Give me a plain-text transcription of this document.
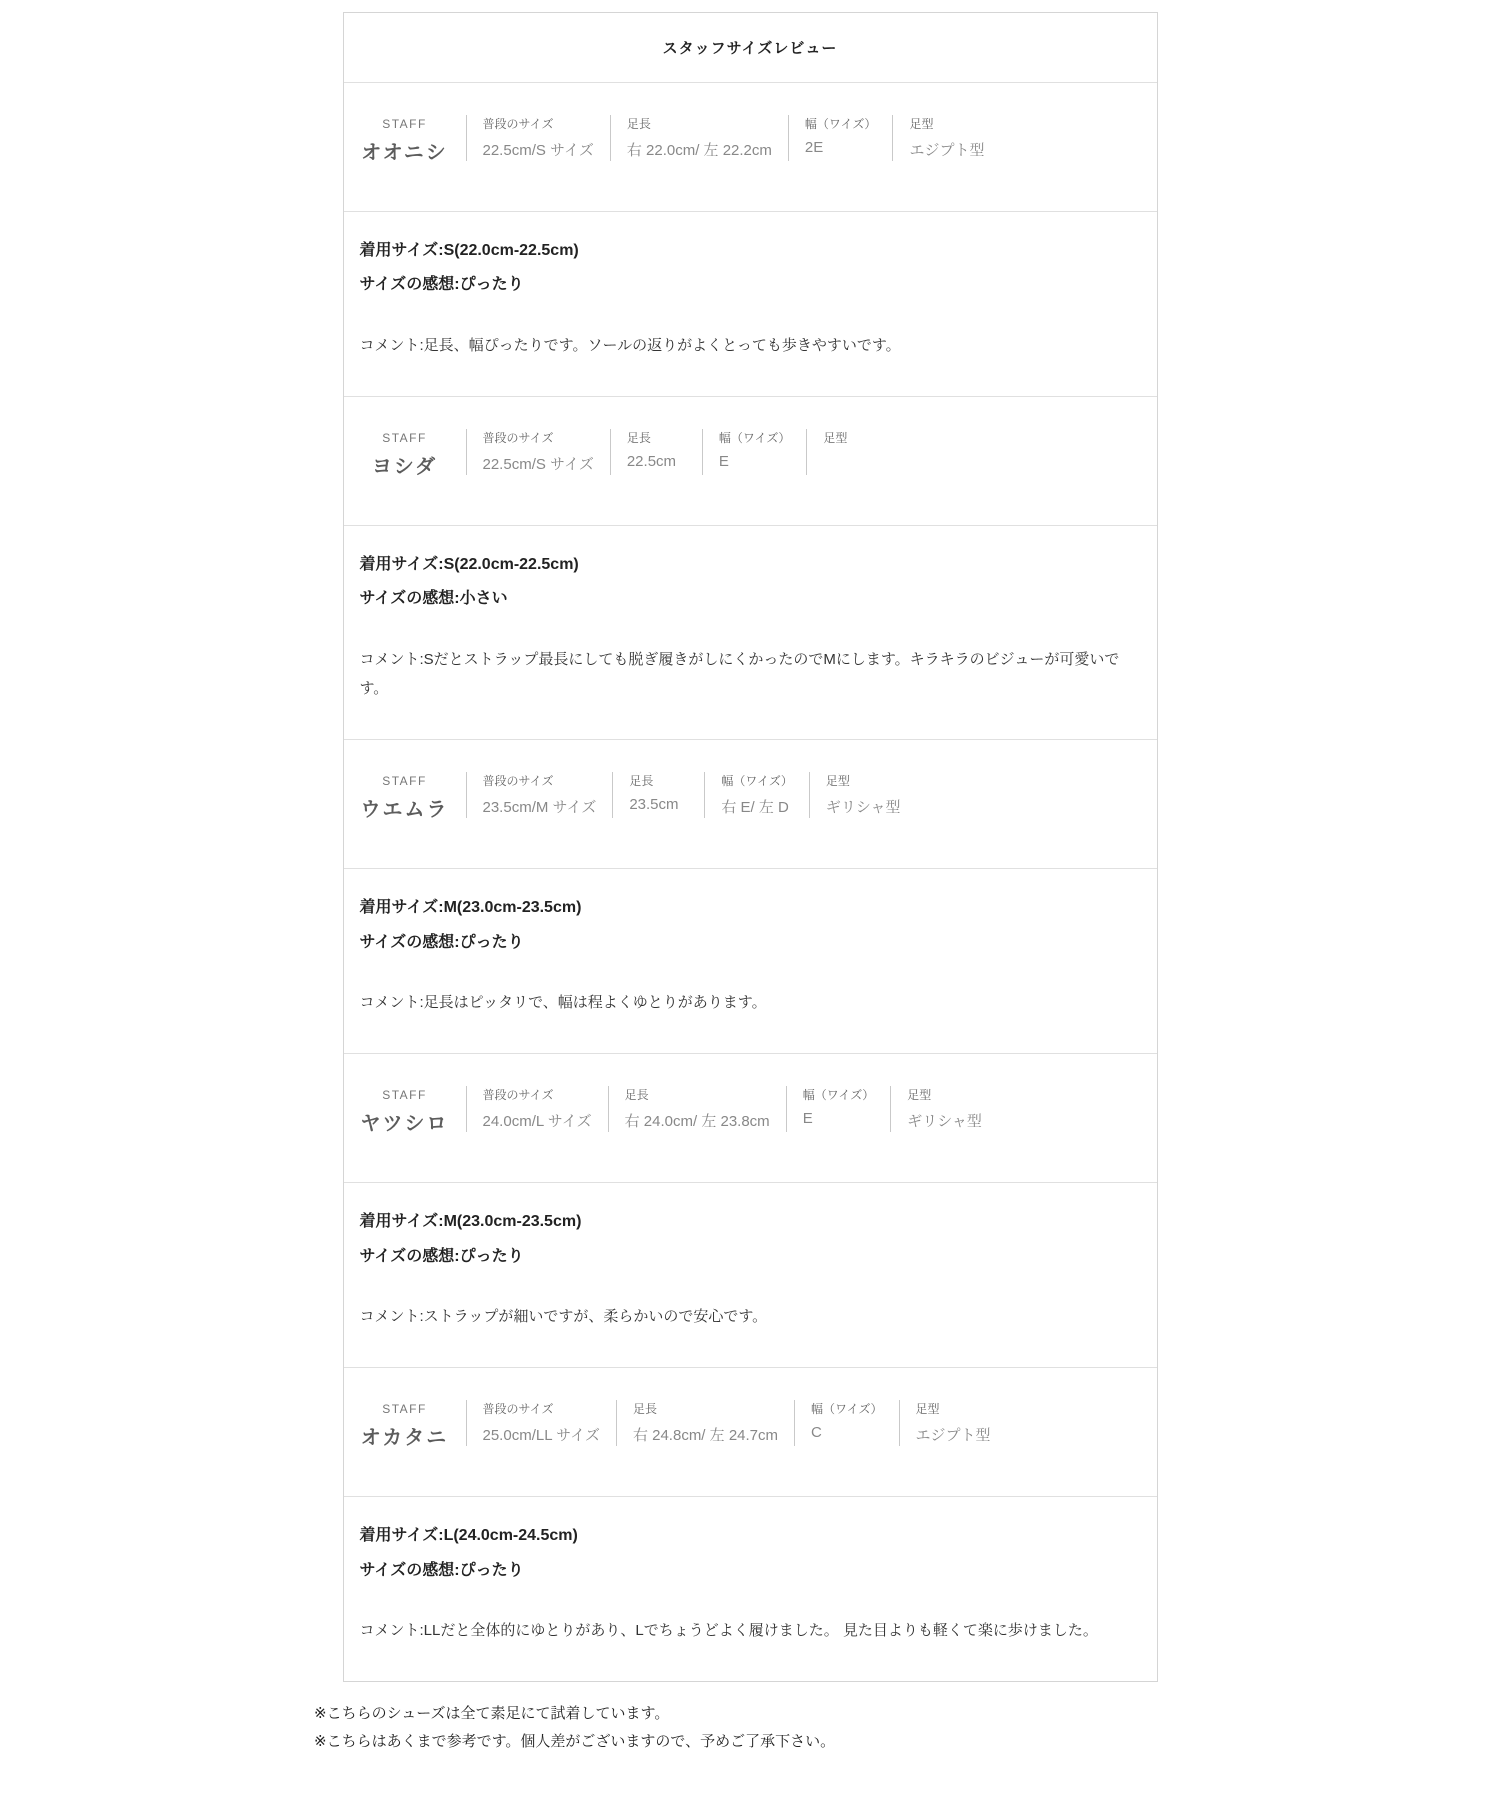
スタッフサイズレビュー
STAFF
オオニシ
普段のサイズ
22.5cm/S サイズ
足長
右 22.0cm/ 左 22.2cm
幅（ワイズ）
2E
足型
エジプト型
着用サイズ:S(22.0cm-22.5cm)
サイズの感想:ぴったり
コメント:足長、幅ぴったりです。ソールの返りがよくとっても歩きやすいです。
STAFF
ヨシダ
普段のサイズ
22.5cm/S サイズ
足長
22.5cm
幅（ワイズ）
E
足型
着用サイズ:S(22.0cm-22.5cm)
サイズの感想:小さい
コメント:Sだとストラップ最長にしても脱ぎ履きがしにくかったのでMにします。キラキラのビジューが可愛いです。
STAFF
ウエムラ
普段のサイズ
23.5cm/M サイズ
足長
23.5cm
幅（ワイズ）
右 E/ 左 D
足型
ギリシャ型
着用サイズ:M(23.0cm-23.5cm)
サイズの感想:ぴったり
コメント:足長はピッタリで、幅は程よくゆとりがあります。
STAFF
ヤツシロ
普段のサイズ
24.0cm/L サイズ
足長
右 24.0cm/ 左 23.8cm
幅（ワイズ）
E
足型
ギリシャ型
着用サイズ:M(23.0cm-23.5cm)
サイズの感想:ぴったり
コメント:ストラップが細いですが、柔らかいので安心です。
STAFF
オカタニ
普段のサイズ
25.0cm/LL サイズ
足長
右 24.8cm/ 左 24.7cm
幅（ワイズ）
C
足型
エジプト型
着用サイズ:L(24.0cm-24.5cm)
サイズの感想:ぴったり
コメント:LLだと全体的にゆとりがあり、Lでちょうどよく履けました。 見た目よりも軽くて楽に歩けました。
※こちらのシューズは全て素足にて試着しています。
※こちらはあくまで参考です。個人差がございますので、予めご了承下さい。
